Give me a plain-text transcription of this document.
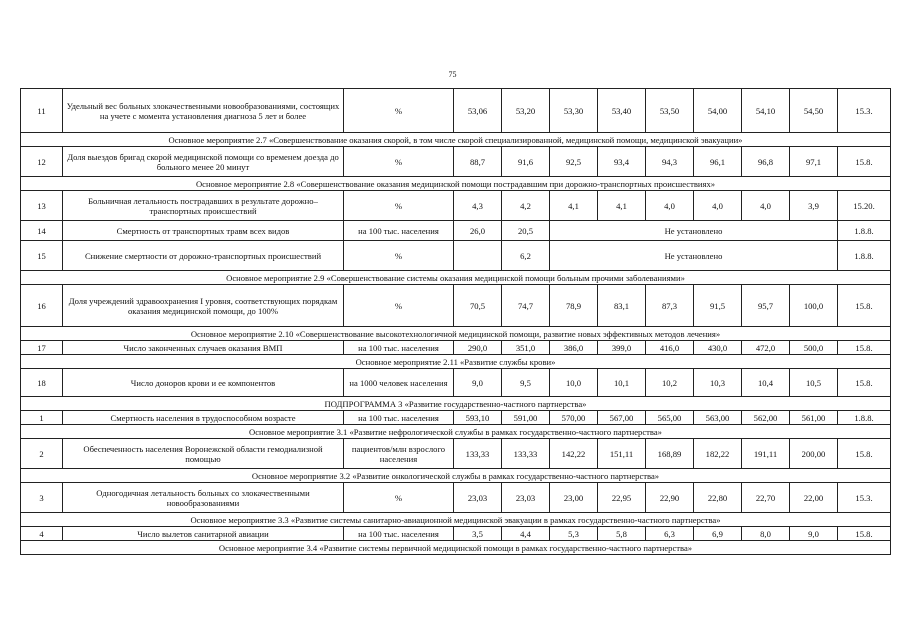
75
11	Удельный вес больных злокачественными новообразованиями, состоящих на учете с момента установления диагноза 5 лет и более	%	53,06	53,20	53,30	53,40	53,50	54,00	54,10	54,50	15.3.
Основное мероприятие 2.7 «Совершенствование оказания скорой, в том числе скорой специализированной, медицинской помощи, медицинской эвакуации»											
12	Доля выездов бригад скорой медицинской помощи со временем доезда до больного менее 20 минут	%	88,7	91,6	92,5	93,4	94,3	96,1	96,8	97,1	15.8.
Основное мероприятие 2.8 «Совершенствование оказания медицинской помощи пострадавшим при дорожно-транспортных происшествиях»											
13	Больничная летальность пострадавших в результате дорожно–транспортных происшествий	%	4,3	4,2	4,1	4,1	4,0	4,0	4,0	3,9	15.20.
14	Смертность от транспортных травм всех видов	на 100 тыс. населения	26,0	20,5	Не установлено						1.8.8.
15	Снижение смертности от дорожно-транспортных происшествий	%		6,2	Не установлено						1.8.8.
Основное мероприятие 2.9 «Совершенствование системы оказания медицинской помощи больным прочими заболеваниями»											
16	Доля учреждений здравоохранения I уровня, соответствующих порядкам оказания медицинской помощи, до 100%	%	70,5	74,7	78,9	83,1	87,3	91,5	95,7	100,0	15.8.
Основное мероприятие 2.10 «Совершенствование высокотехнологичной медицинской помощи, развитие новых эффективных методов лечения»											
17	Число законченных случаев оказания ВМП	на 100 тыс. населения	290,0	351,0	386,0	399,0	416,0	430,0	472,0	500,0	15.8.
Основное мероприятие 2.11 «Развитие службы крови»											
18	Число доноров крови и ее компонентов	на 1000 человек населения	9,0	9,5	10,0	10,1	10,2	10,3	10,4	10,5	15.8.
ПОДПРОГРАММА 3 «Развитие государственно-частного партнерства»											
1	Смертность населения в трудоспособном возрасте	на 100 тыс. населения	593,10	591,00	570,00	567,00	565,00	563,00	562,00	561,00	1.8.8.
Основное мероприятие 3.1 «Развитие нефрологической службы в рамках государственно-частного партнерства»											
2	Обеспеченность населения Воронежской области гемодиализной помощью	пациентов/млн взрослого населения	133,33	133,33	142,22	151,11	168,89	182,22	191,11	200,00	15.8.
Основное мероприятие 3.2 «Развитие онкологической службы в рамках государственно-частного партнерства»											
3	Одногодичная летальность больных со злокачественными новообразованиями	%	23,03	23,03	23,00	22,95	22,90	22,80	22,70	22,00	15.3.
Основное мероприятие 3.3 «Развитие системы санитарно-авиационной медицинской эвакуации в рамках государственно-частного партнерства»											
4	Число вылетов санитарной авиации	на 100 тыс. населения	3,5	4,4	5,3	5,8	6,3	6,9	8,0	9,0	15.8.
Основное мероприятие 3.4 «Развитие системы первичной медицинской помощи в рамках государственно-частного партнерства»											
